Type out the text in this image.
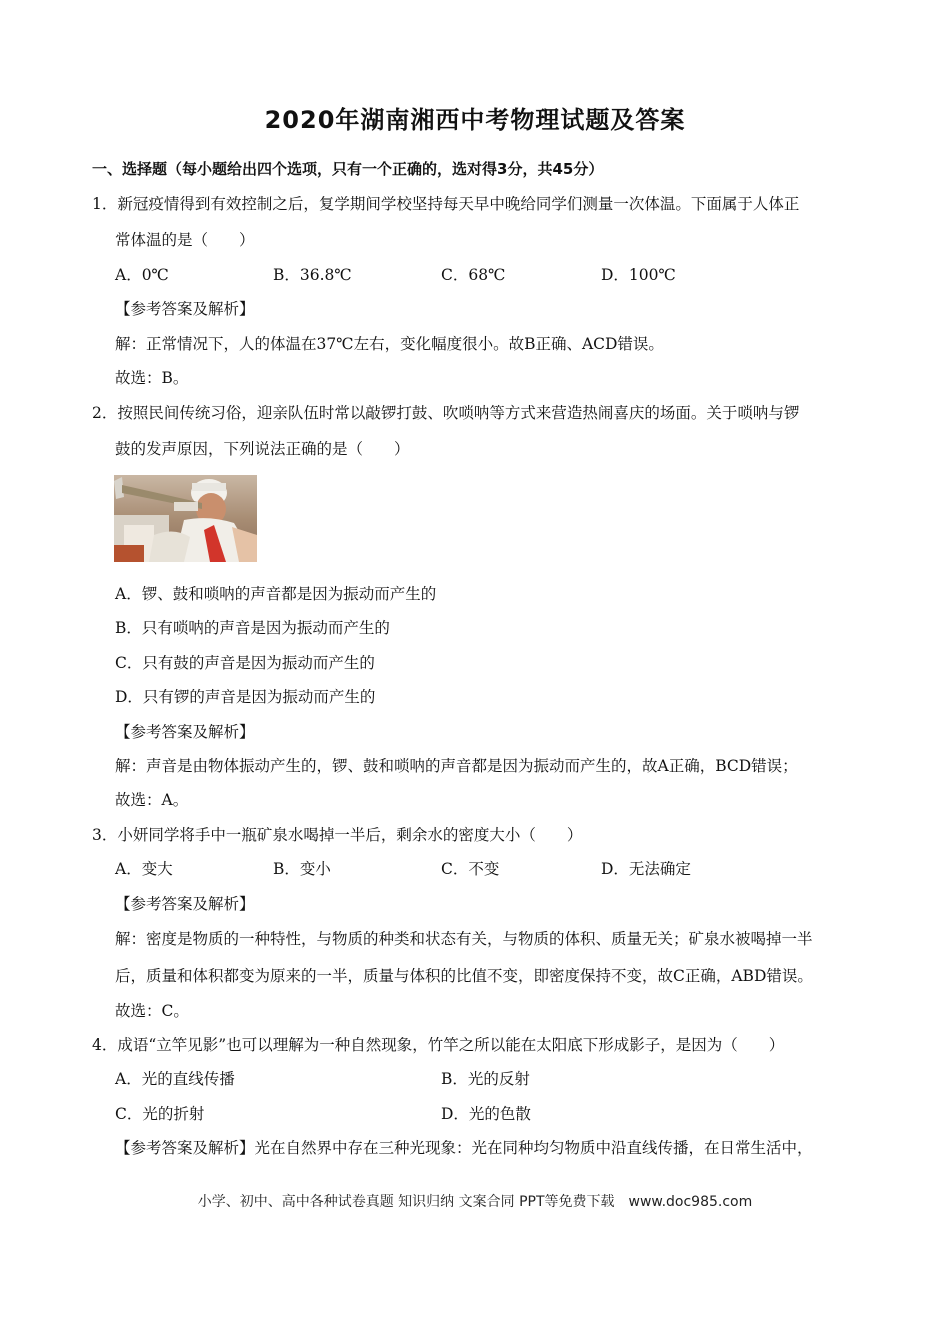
2020年湖南湘西中考物理试题及答案
一、选择题（每小题给出四个选项，只有一个正确的，选对得3分，共45分）
1．新冠疫情得到有效控制之后，复学期间学校坚持每天早中晚给同学们测量一次体温。下面属于人体正
常体温的是（　　）
A．0℃	B．36.8℃	C．68℃	D．100℃
【参考答案及解析】
解：正常情况下，人的体温在37℃左右，变化幅度很小。故B正确、ACD错误。
故选：B。
2．按照民间传统习俗，迎亲队伍时常以敲锣打鼓、吹唢呐等方式来营造热闹喜庆的场面。关于唢呐与锣
鼓的发声原因，下列说法正确的是（　　）
A．锣、鼓和唢呐的声音都是因为振动而产生的
B．只有唢呐的声音是因为振动而产生的
C．只有鼓的声音是因为振动而产生的
D．只有锣的声音是因为振动而产生的
【参考答案及解析】
解：声音是由物体振动产生的，锣、鼓和唢呐的声音都是因为振动而产生的，故A正确，BCD错误；
故选：A。
3．小妍同学将手中一瓶矿泉水喝掉一半后，剩余水的密度大小（　　）
A．变大	B．变小	C．不变	D．无法确定
【参考答案及解析】
解：密度是物质的一种特性，与物质的种类和状态有关，与物质的体积、质量无关；矿泉水被喝掉一半
后，质量和体积都变为原来的一半，质量与体积的比值不变，即密度保持不变，故C正确，ABD错误。
故选：C。
4．成语“立竿见影”也可以理解为一种自然现象，竹竿之所以能在太阳底下形成影子，是因为（　　）
A．光的直线传播	B．光的反射
C．光的折射	D．光的色散
【参考答案及解析】光在自然界中存在三种光现象：光在同种均匀物质中沿直线传播，在日常生活中，
小学、初中、高中各种试卷真题 知识归纳 文案合同 PPT等免费下载　www.doc985.com
